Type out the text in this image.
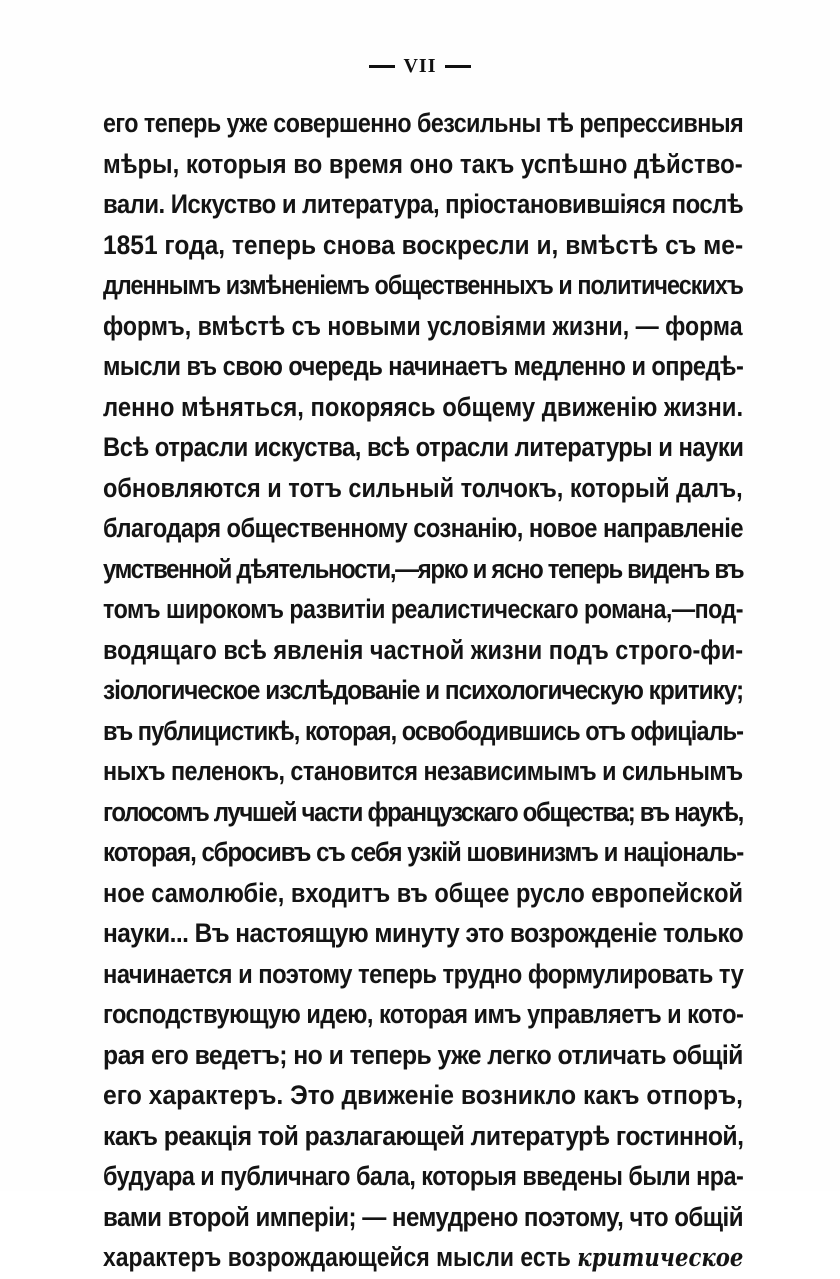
VII
его теперь уже совершенно безсильны тѣ репрессивныя
мѣры, которыя во время оно такъ успѣшно дѣйство-
вали. Искуство и литература, пріостановившіяся послѣ
1851 года, теперь снова воскресли и, вмѣстѣ съ ме-
дленнымъ измѣненіемъ общественныхъ и политическихъ
формъ, вмѣстѣ съ новыми условіями жизни, — форма
мысли въ свою очередь начинаетъ медленно и опредѣ-
ленно мѣняться, покоряясь общему движенію жизни.
Всѣ отрасли искуства, всѣ отрасли литературы и науки
обновляются и тотъ сильный толчокъ, который далъ,
благодаря общественному сознанію, новое направленіе
умственной дѣятельности,—ярко и ясно теперь виденъ въ
томъ широкомъ развитіи реалистическаго романа,—под-
водящаго всѣ явленія частной жизни подъ строго-фи-
зіологическое изслѣдованіе и психологическую критику;
въ публицистикѣ, которая, освободившись отъ офиціаль-
ныхъ пеленокъ, становится независимымъ и сильнымъ
голосомъ лучшей части французскаго общества; въ наукѣ,
которая, сбросивъ съ себя узкій шовинизмъ и національ-
ное самолюбіе, входитъ въ общее русло европейской
науки... Въ настоящую минуту это возрожденіе только
начинается и поэтому теперь трудно формулировать ту
господствующую идею, которая имъ управляетъ и кото-
рая его ведетъ; но и теперь уже легко отличать общій
его характеръ. Это движеніе возникло какъ отпоръ,
какъ реакція той разлагающей литературѣ гостинной,
будуара и публичнаго бала, которыя введены были нра-
вами второй имперіи; — немудрено поэтому, что общій
характеръ возрождающейся мысли есть критическое
